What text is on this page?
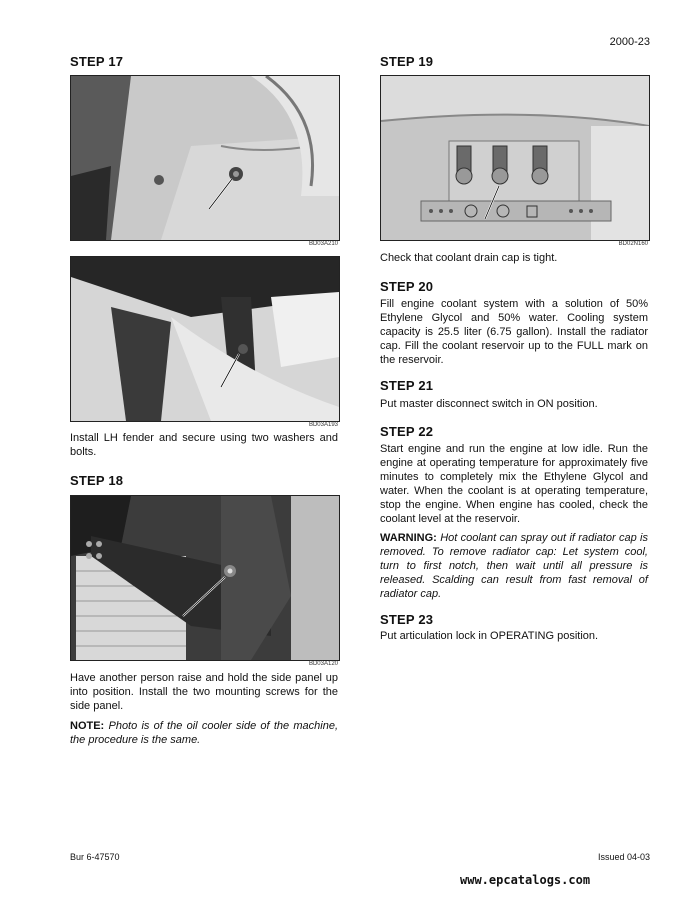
2000-23
STEP 17
BD03A210
BD03A193
Install LH fender and secure using two washers and bolts.
STEP 18
BD03A120
Have another person raise and hold the side panel up into position. Install the two mounting screws for the side panel.
NOTE: Photo is of the oil cooler side of the machine, the procedure is the same.
STEP 19
BD02N160
Check that coolant drain cap is tight.
STEP 20
Fill engine coolant system with a solution of 50% Ethylene Glycol and 50% water. Cooling system capacity is 25.5 liter (6.75 gallon). Install the radiator cap. Fill the coolant reservoir up to the FULL mark on the reservoir.
STEP 21
Put master disconnect switch in ON position.
STEP 22
Start engine and run the engine at low idle. Run the engine at operating temperature for approximately five minutes to completely mix the Ethylene Glycol and water. When the coolant is at operating temperature, stop the engine. When engine has cooled, check the coolant level at the reservoir.
WARNING: Hot coolant can spray out if radiator cap is removed. To remove radiator cap: Let system cool, turn to first notch, then wait until all pressure is released. Scalding can result from fast removal of radiator cap.
STEP 23
Put articulation lock in OPERATING position.
Bur 6-47570	Issued 04-03
www.epcatalogs.com
